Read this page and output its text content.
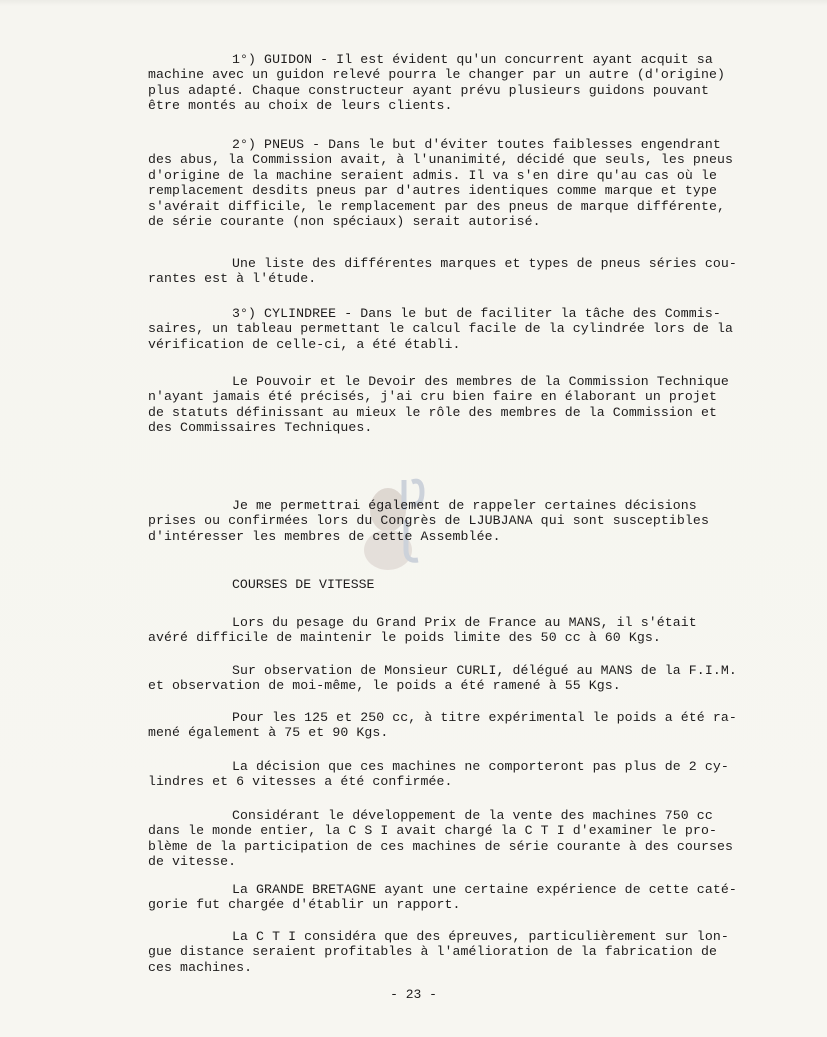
1°) GUIDON - Il est évident qu'un concurrent ayant acquit sa
machine avec un guidon relevé pourra le changer par un autre (d'origine)
plus adapté. Chaque constructeur ayant prévu plusieurs guidons pouvant
être montés au choix de leurs clients.

2°) PNEUS - Dans le but d'éviter toutes faiblesses engendrant
des abus, la Commission avait, à l'unanimité, décidé que seuls, les pneus
d'origine de la machine seraient admis. Il va s'en dire qu'au cas où le
remplacement desdits pneus par d'autres identiques comme marque et type
s'avérait difficile, le remplacement par des pneus de marque différente,
de série courante (non spéciaux) serait autorisé.

Une liste des différentes marques et types de pneus séries cou-
rantes est à l'étude.

3°) CYLINDREE - Dans le but de faciliter la tâche des Commis-
saires, un tableau permettant le calcul facile de la cylindrée lors de la
vérification de celle-ci, a été établi.

Le Pouvoir et le Devoir des membres de la Commission Technique
n'ayant jamais été précisés, j'ai cru bien faire en élaborant un projet
de statuts définissant au mieux le rôle des membres de la Commission et
des Commissaires Techniques.

Je me permettrai également de rappeler certaines décisions
prises ou confirmées lors du Congrès de LJUBJANA qui sont susceptibles
d'intéresser les membres de cette Assemblée.

COURSES DE VITESSE

Lors du pesage du Grand Prix de France au MANS, il s'était
avéré difficile de maintenir le poids limite des 50 cc à 60 Kgs.

Sur observation de Monsieur CURLI, délégué au MANS de la F.I.M.
et observation de moi-même, le poids a été ramené à 55 Kgs.

Pour les 125 et 250 cc, à titre expérimental le poids a été ra-
mené également à 75 et 90 Kgs.

La décision que ces machines ne comporteront pas plus de 2 cy-
lindres et 6 vitesses a été confirmée.

Considérant le développement de la vente des machines 750 cc
dans le monde entier, la C S I avait chargé la C T I d'examiner le pro-
blème de la participation de ces machines de série courante à des courses
de vitesse.

La GRANDE BRETAGNE ayant une certaine expérience de cette caté-
gorie fut chargée d'établir un rapport.

La C T I considéra que des épreuves, particulièrement sur lon-
gue distance seraient profitables à l'amélioration de la fabrication de
ces machines.

- 23 -
